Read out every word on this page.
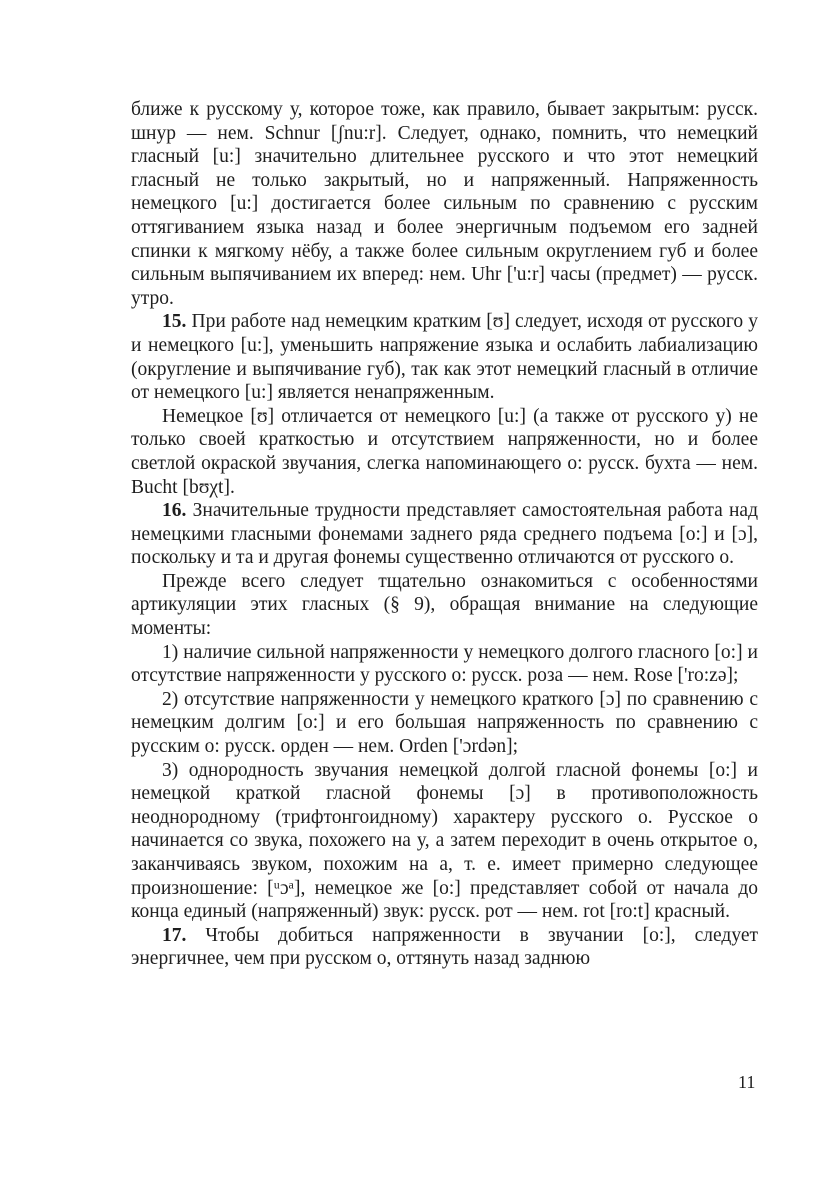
ближе к русскому у, которое тоже, как правило, бывает закрытым: русск. шнур — нем. Schnur [ʃnu:r]. Следует, однако, помнить, что немецкий гласный [u:] значительно длительнее русского и что этот немецкий гласный не только закрытый, но и напряженный. Напряженность немецкого [u:] достигается более сильным по сравнению с русским оттягиванием языка назад и более энергичным подъемом его задней спинки к мягкому нёбу, а также более сильным округлением губ и более сильным выпячиванием их вперед: нем. Uhr ['u:r] часы (предмет) — русск. утро.

15. При работе над немецким кратким [ʊ] следует, исходя от русского у и немецкого [u:], уменьшить напряжение языка и ослабить лабиализацию (округление и выпячивание губ), так как этот немецкий гласный в отличие от немецкого [u:] является ненапряженным.

Немецкое [ʊ] отличается от немецкого [u:] (а также от русского у) не только своей краткостью и отсутствием напряженности, но и более светлой окраской звучания, слегка напоминающего о: русск. бухта — нем. Bucht [bʊχt].

16. Значительные трудности представляет самостоятельная работа над немецкими гласными фонемами заднего ряда среднего подъема [o:] и [ɔ], поскольку и та и другая фонемы существенно отличаются от русского о.

Прежде всего следует тщательно ознакомиться с особенностями артикуляции этих гласных (§ 9), обращая внимание на следующие моменты:

1) наличие сильной напряженности у немецкого долгого гласного [o:] и отсутствие напряженности у русского о: русск. роза — нем. Rose ['ro:zə];

2) отсутствие напряженности у немецкого краткого [ɔ] по сравнению с немецким долгим [o:] и его большая напряженность по сравнению с русским о: русск. орден — нем. Orden ['ɔrdən];

3) однородность звучания немецкой долгой гласной фонемы [o:] и немецкой краткой гласной фонемы [ɔ] в противоположность неоднородному (трифтонгоидному) характеру русского о. Русское о начинается со звука, похожего на у, а затем переходит в очень открытое о, заканчиваясь звуком, похожим на а, т. е. имеет примерно следующее произношение: [ᵘɔᵃ], немецкое же [o:] представляет собой от начала до конца единый (напряженный) звук: русск. рот — нем. rot [ro:t] красный.

17. Чтобы добиться напряженности в звучании [o:], следует энергичнее, чем при русском о, оттянуть назад заднюю

11
